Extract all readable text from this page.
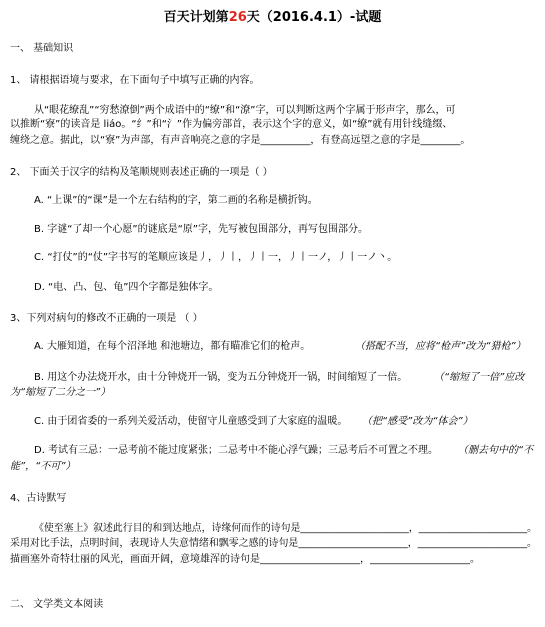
百天计划第26天（2016.4.1）-试题
一、 基础知识
1、 请根据语境与要求，在下面句子中填写正确的内容。
从“眼花缭乱”“穷愁潦倒”两个成语中的“缭”和“潦”字，可以判断这两个字属于形声字，那么，可
以推断“寮”的读音是 liáo。“纟”和“氵”作为偏旁部首，表示这个字的意义，如“缭”就有用针线缝缀、
缠绕之意。据此，以“寮”为声部，有声音响亮之意的字是__________，有登高远望之意的字是________。
2、 下面关于汉字的结构及笔顺规则表述正确的一项是（ ）
A. “上课”的“课”是一个左右结构的字，第二画的名称是横折钩。
B. 字谜“了却一个心愿”的谜底是“原”字，先写被包围部分，再写包围部分。
C. “打仗”的“仗”字书写的笔顺应该是丿，丿丨，丿丨一，丿丨一ノ，丿丨一ノ丶。
D. “电、凸、包、龟”四个字都是独体字。
3、下列对病句的修改不正确的一项是 （ ）
A. 大雁知道，在每个沼泽地 和池塘边，都有瞄准它们的枪声。	（搭配不当，应将“枪声”改为“猎枪”）
B. 用这个办法烧开水，由十分钟烧开一锅，变为五分钟烧开一锅，时间缩短了一倍。	（“缩短了一倍”应改
为“缩短了二分之一”）
C. 由于团省委的一系列关爱活动，使留守儿童感受到了大家庭的温暖。 （把“感受”改为“体会”）
D. 考试有三忌：一忌考前不能过度紧张；二忌考中不能心浮气躁；三忌考后不可置之不理。 （删去句中的“不
能”，“不可”）
4、古诗默写
《使至塞上》叙述此行目的和到达地点，诗缘何而作的诗句是______________________，______________________。
采用对比手法，点明时间，表现诗人失意情绪和飘零之感的诗句是______________________，______________________。
描画塞外奇特壮丽的风光，画面开阔，意境雄浑的诗句是____________________，____________________。
二、 文学类文本阅读
